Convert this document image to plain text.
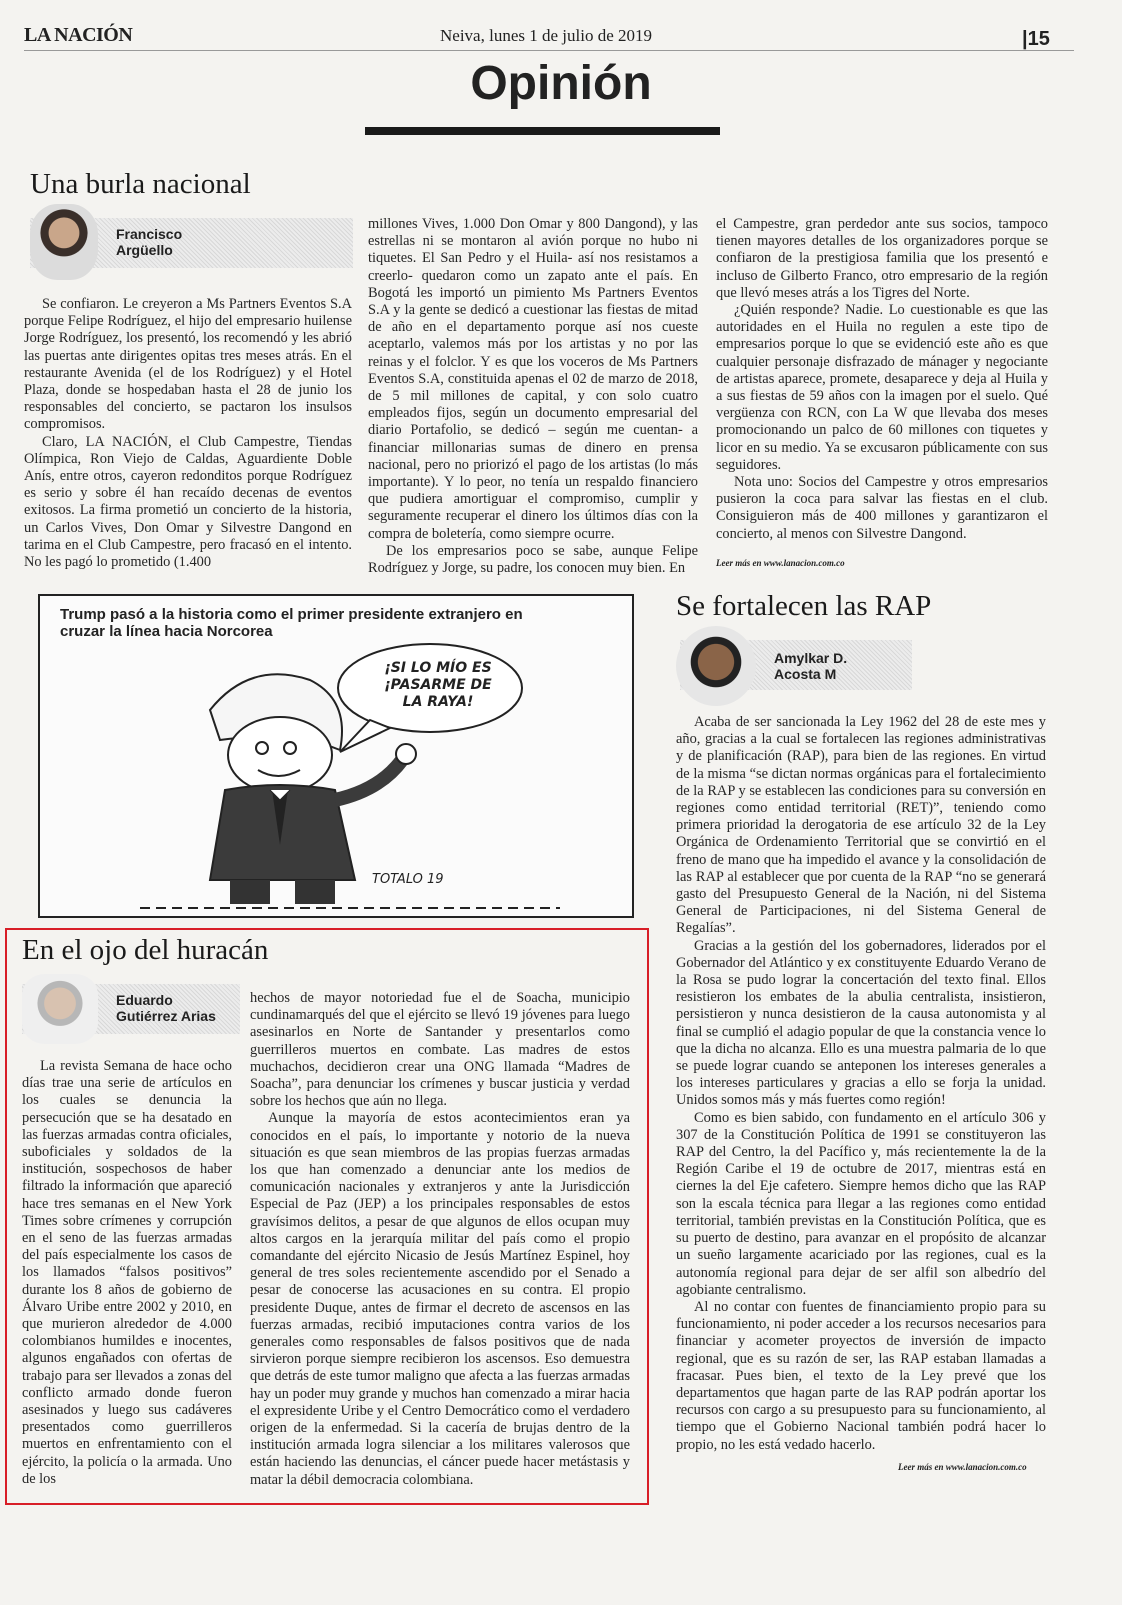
LA NACIÓN	Neiva, lunes 1 de julio de 2019	|15
Opinión
Una burla nacional
Francisco
Argüello

Se confiaron. Le creyeron a Ms Partners Eventos S.A porque Felipe Rodríguez, el hijo del empresario huilense Jorge Rodríguez, los presentó, los recomendó y les abrió las puertas ante dirigentes opitas tres meses atrás. En el restaurante Avenida (el de los Rodríguez) y el Hotel Plaza, donde se hospedaban hasta el 28 de junio los responsables del concierto, se pactaron los insulsos compromisos.

Claro, LA NACIÓN, el Club Campestre, Tiendas Olímpica, Ron Viejo de Caldas, Aguardiente Doble Anís, entre otros, cayeron redonditos porque Rodríguez es serio y sobre él han recaído decenas de eventos exitosos. La firma prometió un concierto de la historia, un Carlos Vives, Don Omar y Silvestre Dangond en tarima en el Club Campestre, pero fracasó en el intento. No les pagó lo prometido (1.400

millones Vives, 1.000 Don Omar y 800 Dangond), y las estrellas ni se montaron al avión porque no hubo ni tiquetes. El San Pedro y el Huila- así nos resistamos a creerlo- quedaron como un zapato ante el país. En Bogotá les importó un pimiento Ms Partners Eventos S.A y la gente se dedicó a cuestionar las fiestas de mitad de año en el departamento porque así nos cueste aceptarlo, valemos más por los artistas y no por las reinas y el folclor. Y es que los voceros de Ms Partners Eventos S.A, constituida apenas el 02 de marzo de 2018, de 5 mil millones de capital, y con solo cuatro empleados fijos, según un documento empresarial del diario Portafolio, se dedicó – según me cuentan- a financiar millonarias sumas de dinero en prensa nacional, pero no priorizó el pago de los artistas (lo más importante). Y lo peor, no tenía un respaldo financiero que pudiera amortiguar el compromiso, cumplir y seguramente recuperar el dinero los últimos días con la compra de boletería, como siempre ocurre.

De los empresarios poco se sabe, aunque Felipe Rodríguez y Jorge, su padre, los conocen muy bien. En

el Campestre, gran perdedor ante sus socios, tampoco tienen mayores detalles de los organizadores porque se confiaron de la prestigiosa familia que los presentó e incluso de Gilberto Franco, otro empresario de la región que llevó meses atrás a los Tigres del Norte.

¿Quién responde? Nadie. Lo cuestionable es que las autoridades en el Huila no regulen a este tipo de empresarios porque lo que se evidenció este año es que cualquier personaje disfrazado de mánager y negociante de artistas aparece, promete, desaparece y deja al Huila y a sus fiestas de 59 años con la imagen por el suelo. Qué vergüenza con RCN, con La W que llevaba dos meses promocionando un palco de 60 millones con tiquetes y licor en su medio. Ya se excusaron públicamente con sus seguidores.

Nota uno: Socios del Campestre y otros empresarios pusieron la coca para salvar las fiestas en el club. Consiguieron más de 400 millones y garantizaron el concierto, al menos con Silvestre Dangond.

Leer más en www.lanacion.com.co
Trump pasó a la historia como el primer presidente extranjero en cruzar la línea hacia Norcorea
¡SI LO MÍO ES ¡PASARME DE LA RAYA!
TOTALO 19
Se fortalecen las RAP
Amylkar D.
Acosta M

Acaba de ser sancionada la Ley 1962 del 28 de este mes y año, gracias a la cual se fortalecen las regiones administrativas y de planificación (RAP), para bien de las regiones. En virtud de la misma “se dictan normas orgánicas para el fortalecimiento de la RAP y se establecen las condiciones para su conversión en regiones como entidad territorial (RET)”, teniendo como primera prioridad la derogatoria de ese artículo 32 de la Ley Orgánica de Ordenamiento Territorial que se convirtió en el freno de mano que ha impedido el avance y la consolidación de las RAP al establecer que por cuenta de la RAP “no se generará gasto del Presupuesto General de la Nación, ni del Sistema General de Participaciones, ni del Sistema General de Regalías”.

Gracias a la gestión del los gobernadores, liderados por el Gobernador del Atlántico y ex constituyente Eduardo Verano de la Rosa se pudo lograr la concertación del texto final. Ellos resistieron los embates de la abulia centralista, insistieron, persistieron y nunca desistieron de la causa autonomista y al final se cumplió el adagio popular de que la constancia vence lo que la dicha no alcanza. Ello es una muestra palmaria de lo que se puede lograr cuando se anteponen los intereses generales a los intereses particulares y gracias a ello se forja la unidad. Unidos somos más y más fuertes como región!

Como es bien sabido, con fundamento en el artículo 306 y 307 de la Constitución Política de 1991 se constituyeron las RAP del Centro, la del Pacífico y, más recientemente la de la Región Caribe el 19 de octubre de 2017, mientras está en ciernes la del Eje cafetero. Siempre hemos dicho que las RAP son la escala técnica para llegar a las regiones como entidad territorial, también previstas en la Constitución Política, que es su puerto de destino, para avanzar en el propósito de alcanzar un sueño largamente acariciado por las regiones, cual es la autonomía regional para dejar de ser alfil son albedrío del agobiante centralismo.

Al no contar con fuentes de financiamiento propio para su funcionamiento, ni poder acceder a los recursos necesarios para financiar y acometer proyectos de inversión de impacto regional, que es su razón de ser, las RAP estaban llamadas a fracasar. Pues bien, el texto de la Ley prevé que los departamentos que hagan parte de las RAP podrán aportar los recursos con cargo a su presupuesto para su funcionamiento, al tiempo que el Gobierno Nacional también podrá hacer lo propio, no les está vedado hacerlo.

Leer más en www.lanacion.com.co
En el ojo del huracán
Eduardo
Gutiérrez Arias

La revista Semana de hace ocho días trae una serie de artículos en los cuales se denuncia la persecución que se ha desatado en las fuerzas armadas contra oficiales, suboficiales y soldados de la institución, sospechosos de haber filtrado la información que apareció hace tres semanas en el New York Times sobre crímenes y corrupción en el seno de las fuerzas armadas del país especialmente los casos de los llamados “falsos positivos” durante los 8 años de gobierno de Álvaro Uribe entre 2002 y 2010, en que murieron alrededor de 4.000 colombianos humildes e inocentes, algunos engañados con ofertas de trabajo para ser llevados a zonas del conflicto armado donde fueron asesinados y luego sus cadáveres presentados como guerrilleros muertos en enfrentamiento con el ejército, la policía o la armada. Uno de los

hechos de mayor notoriedad fue el de Soacha, municipio cundinamarqués del que el ejército se llevó 19 jóvenes para luego asesinarlos en Norte de Santander y presentarlos como guerrilleros muertos en combate. Las madres de estos muchachos, decidieron crear una ONG llamada “Madres de Soacha”, para denunciar los crímenes y buscar justicia y verdad sobre los hechos que aún no llega.

Aunque la mayoría de estos acontecimientos eran ya conocidos en el país, lo importante y notorio de la nueva situación es que sean miembros de las propias fuerzas armadas los que han comenzado a denunciar ante los medios de comunicación nacionales y extranjeros y ante la Jurisdicción Especial de Paz (JEP) a los principales responsables de estos gravísimos delitos, a pesar de que algunos de ellos ocupan muy altos cargos en la jerarquía militar del país como el propio comandante del ejército Nicasio de Jesús Martínez Espinel, hoy general de tres soles recientemente ascendido por el Senado a pesar de conocerse las acusaciones en su contra. El propio presidente Duque, antes de firmar el decreto de ascensos en las fuerzas armadas, recibió imputaciones contra varios de los generales como responsables de falsos positivos que de nada sirvieron porque siempre recibieron los ascensos. Eso demuestra que detrás de este tumor maligno que afecta a las fuerzas armadas hay un poder muy grande y muchos han comenzado a mirar hacia el expresidente Uribe y el Centro Democrático como el verdadero origen de la enfermedad. Si la cacería de brujas dentro de la institución armada logra silenciar a los militares valerosos que están haciendo las denuncias, el cáncer puede hacer metástasis y matar la débil democracia colombiana.
